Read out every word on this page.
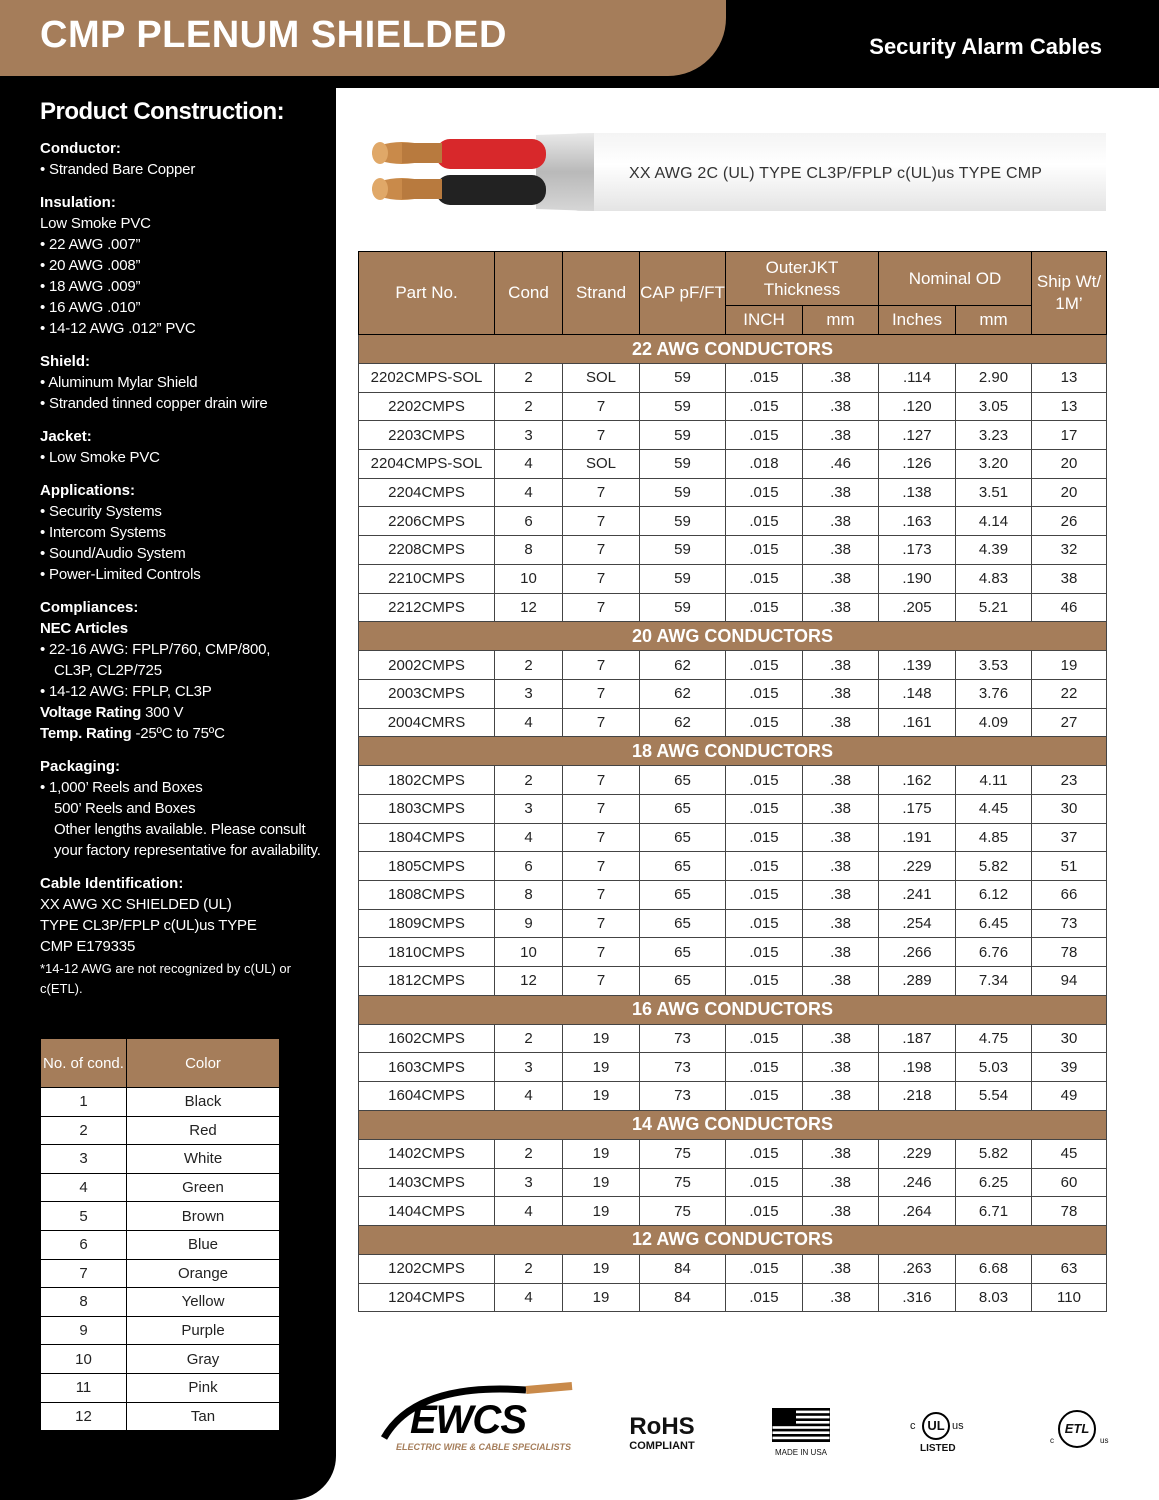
CMP PLENUM SHIELDED	Security Alarm Cables
Product Construction:
Conductor:
• Stranded Bare Copper
Insulation:
Low Smoke PVC
• 22 AWG .007”
• 20 AWG .008”
• 18 AWG .009”
• 16 AWG .010”
• 14-12 AWG .012” PVC
Shield:
• Aluminum Mylar Shield
• Stranded tinned copper drain wire
Jacket:
• Low Smoke PVC
Applications:
• Security Systems
• Intercom Systems
• Sound/Audio System
• Power-Limited Controls
Compliances:
NEC Articles
• 22-16 AWG: FPLP/760, CMP/800,
CL3P, CL2P/725
• 14-12 AWG: FPLP, CL3P
Voltage Rating 300 V
Temp. Rating -25ºC to 75ºC
Packaging:
• 1,000’ Reels and Boxes
500’ Reels and Boxes
Other lengths available. Please consult
your factory representative for availability.
Cable Identification:
XX AWG XC SHIELDED (UL)
TYPE CL3P/FPLP c(UL)us TYPE
CMP E179335
*14-12 AWG are not recognized by c(UL) or c(ETL).
No. of cond.	Color
1	Black
2	Red
3	White
4	Green
5	Brown
6	Blue
7	Orange
8	Yellow
9	Purple
10	Gray
11	Pink
12	Tan
XX AWG 2C (UL) TYPE CL3P/FPLP c(UL)us TYPE CMP
Part No.	Cond	Strand	CAP pF/FT	OuterJKT Thickness		Nominal OD		Ship Wt/ 1M’
				INCH	mm	Inches	mm	
22 AWG CONDUCTORS								
2202CMPS-SOL	2	SOL	59	.015	.38	.114	2.90	13
2202CMPS	2	7	59	.015	.38	.120	3.05	13
2203CMPS	3	7	59	.015	.38	.127	3.23	17
2204CMPS-SOL	4	SOL	59	.018	.46	.126	3.20	20
2204CMPS	4	7	59	.015	.38	.138	3.51	20
2206CMPS	6	7	59	.015	.38	.163	4.14	26
2208CMPS	8	7	59	.015	.38	.173	4.39	32
2210CMPS	10	7	59	.015	.38	.190	4.83	38
2212CMPS	12	7	59	.015	.38	.205	5.21	46
20 AWG CONDUCTORS								
2002CMPS	2	7	62	.015	.38	.139	3.53	19
2003CMPS	3	7	62	.015	.38	.148	3.76	22
2004CMRS	4	7	62	.015	.38	.161	4.09	27
18 AWG CONDUCTORS								
1802CMPS	2	7	65	.015	.38	.162	4.11	23
1803CMPS	3	7	65	.015	.38	.175	4.45	30
1804CMPS	4	7	65	.015	.38	.191	4.85	37
1805CMPS	6	7	65	.015	.38	.229	5.82	51
1808CMPS	8	7	65	.015	.38	.241	6.12	66
1809CMPS	9	7	65	.015	.38	.254	6.45	73
1810CMPS	10	7	65	.015	.38	.266	6.76	78
1812CMPS	12	7	65	.015	.38	.289	7.34	94
16 AWG CONDUCTORS								
1602CMPS	2	19	73	.015	.38	.187	4.75	30
1603CMPS	3	19	73	.015	.38	.198	5.03	39
1604CMPS	4	19	73	.015	.38	.218	5.54	49
14 AWG CONDUCTORS								
1402CMPS	2	19	75	.015	.38	.229	5.82	45
1403CMPS	3	19	75	.015	.38	.246	6.25	60
1404CMPS	4	19	75	.015	.38	.264	6.71	78
12 AWG CONDUCTORS								
1202CMPS	2	19	84	.015	.38	.263	6.68	63
1204CMPS	4	19	84	.015	.38	.316	8.03	110
EWCS
ELECTRIC WIRE & CABLE SPECIALISTS
RoHS
COMPLIANT
MADE IN USA
c UL us
LISTED
c
ETL
us
